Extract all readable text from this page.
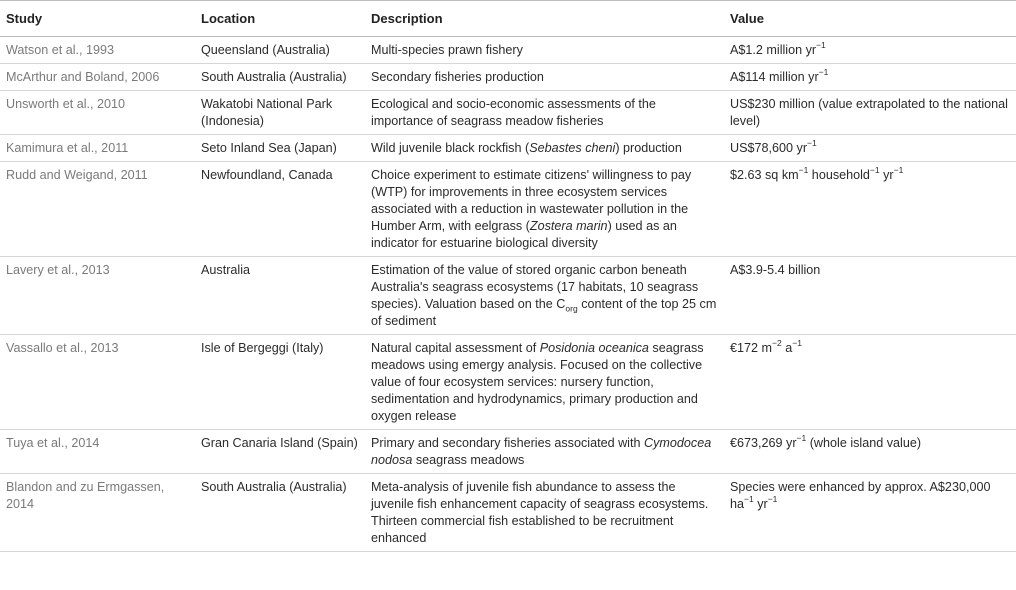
Study	Location	Description	Value
Watson et al., 1993	Queensland (Australia)	Multi-species prawn fishery	A$1.2 million $yr^{-1}$
McArthur and Boland, 2006	South Australia (Australia)	Secondary fisheries production	A$114 million $yr^{-1}$
Unsworth et al., 2010	Wakatobi National Park (Indonesia)	Ecological and socio-economic assessments of the importance of seagrass meadow fisheries	US$230 million (value extrapolated to the national level)
Kamimura et al., 2011	Seto Inland Sea (Japan)	Wild juvenile black rockfish (Sebastes cheni) production	US$78,600 $yr^{-1}$
Rudd and Weigand, 2011	Newfoundland, Canada	Choice experiment to estimate citizens' willingness to pay (WTP) for improvements in three ecosystem services associated with a reduction in wastewater pollution in the Humber Arm, with eelgrass (Zostera marin) used as an indicator for estuarine biological diversity	$2.63 sq $km^{-1}$ household$^{-1}$ $yr^{-1}$
Lavery et al., 2013	Australia	Estimation of the value of stored organic carbon beneath Australia's seagrass ecosystems (17 habitats, 10 seagrass species). Valuation based on the $C_{org}$ content of the top 25 cm of sediment	A$3.9-5.4 billion
Vassallo et al., 2013	Isle of Bergeggi (Italy)	Natural capital assessment of Posidonia oceanica seagrass meadows using emergy analysis. Focused on the collective value of four ecosystem services: nursery function, sedimentation and hydrodynamics, primary production and oxygen release	€172 $m^{-2}$ $a^{-1}$
Tuya et al., 2014	Gran Canaria Island (Spain)	Primary and secondary fisheries associated with Cymodocea nodosa seagrass meadows	€673,269 $yr^{-1}$ (whole island value)
Blandon and zu Ermgassen, 2014	South Australia (Australia)	Meta-analysis of juvenile fish abundance to assess the juvenile fish enhancement capacity of seagrass ecosystems. Thirteen commercial fish established to be recruitment enhanced	Species were enhanced by approx. A$230,000 $ha^{-1}$ $yr^{-1}$
